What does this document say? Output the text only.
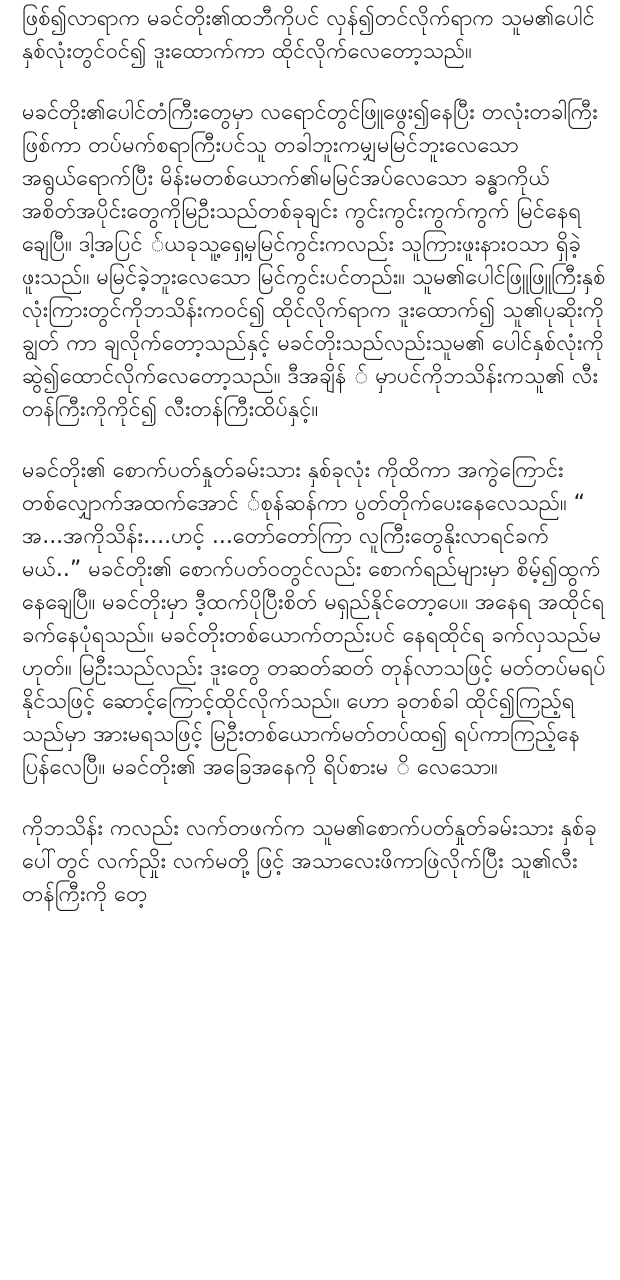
ဖြစ်၍လာရာက မခင်တိုး၏ထဘီကိုပင် လှန်၍တင်လိုက်ရာက သူမ၏ပေါင်နှစ်လုံးတွင်ဝင်၍ ဒူးထောက်ကာ ထိုင်လိုက်လေတော့သည်။

မခင်တိုး၏ပေါင်တံကြီးတွေမှာ လရောင်တွင်ဖြူဖွေး၍နေပြီး တလုံးတခါကြီးဖြစ်ကာ တပ်မက်စရာကြီးပင်သူ တခါဘူးကမျှမမြင်ဘူးလေသော အရွယ်ရောက်ပြီး မိန်းမတစ်ယောက်၏မမြင်အပ်လေသော ခန္ဓာကိုယ်အစိတ်အပိုင်းတွေကိုမြဦးသည်တစ်ခုချင်း ကွင်းကွင်းကွက်ကွက် မြင်နေရချေပြီ။ ဒါ့အပြင် ်ယခုသူ့ရှေ့မှမြင်ကွင်းကလည်း သူကြားဖူးနားဝသာ ရှိခဲ့ဖူးသည်။ မမြင်ခဲ့ဘူးလေသော မြင်ကွင်းပင်တည်း။ သူမ၏ပေါင်ဖြူဖြူကြီးနှစ်လုံးကြားတွင်ကိုဘသိန်းကဝင်၍ ထိုင်လိုက်ရာက ဒူးထောက်၍ သူ၏ပုဆိုးကိုချွတ် ကာ ချလိုက်တော့သည်နှင့် မခင်တိုးသည်လည်းသူမ၏ ပေါင်နှစ်လုံးကိုဆွဲ၍ထောင်လိုက်လေတော့သည်။ ဒီအချိန် ် မှာပင်ကိုဘသိန်းကသူ၏ လီးတန်ကြီးကိုကိုင်၍ လီးတန်ကြီးထိပ်နှင့်။

မခင်တိုး၏ စောက်ပတ်နှုတ်ခမ်းသား နှစ်ခုလုံး ကိုထိကာ အကွဲကြောင်းတစ်လျှောက်အထက်အောင် ်စုန်ဆန်ကာ ပွတ်တိုက်ပေးနေလေသည်။ “ အ...အကိုသိန်း....ဟင့် ...တော်တော်ကြာ လူကြီးတွေနိုးလာရင်ခက်မယ်..” မခင်တိုး၏ စောက်ပတ်ဝတွင်လည်း စောက်ရည်များမှာ စိမ့်၍ထွက်နေချေပြီ။ မခင်တိုးမှာ ဒီ့ထက်ပိုပြီးစိတ် မရှည်နိုင်တော့ပေ။ အနေရ အထိုင်ရ ခက်နေပုံရသည်။ မခင်တိုးတစ်ယောက်တည်းပင် နေရထိုင်ရ ခက်လှသည်မဟုတ်။ မြဦးသည်လည်း ဒူးတွေ တဆတ်ဆတ် တုန်လာသဖြင့် မတ်တပ်မရပ်နိုင်သဖြင့် ဆောင့်ကြောင့်ထိုင်လိုက်သည်။ ဟော ခုတစ်ခါ ထိုင်၍ကြည့်ရသည်မှာ အားမရသဖြင့် မြဦးတစ်ယောက်မတ်တပ်ထ၍ ရပ်ကာကြည့်နေပြန်လေပြီ။ မခင်တိုး၏ အခြေအနေကို ရိပ်စားမ ိ လေသော။

ကိုဘသိန်း ကလည်း လက်တဖက်က သူမ၏စောက်ပတ်နှုတ်ခမ်းသား နှစ်ခုပေါ်တွင် လက်ညှိုး လက်မတို့ ဖြင့် အသာလေးဖိကာဖြဲလိုက်ပြီး သူ၏လီးတန်ကြီးကို တေ့
